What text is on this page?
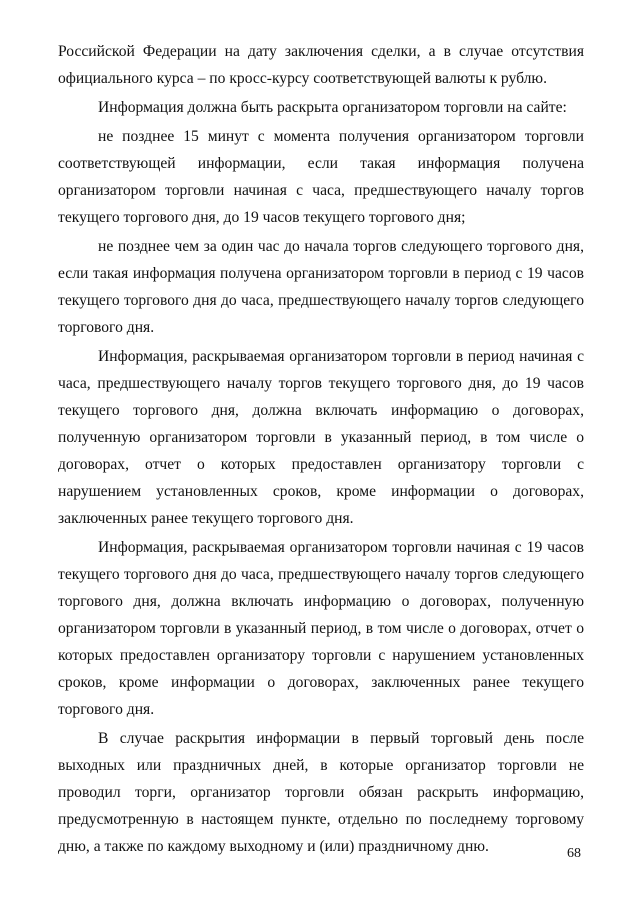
Российской Федерации на дату заключения сделки, а в случае отсутствия официального курса – по кросс-курсу соответствующей валюты к рублю.

Информация должна быть раскрыта организатором торговли на сайте:

не позднее 15 минут с момента получения организатором торговли соответствующей информации, если такая информация получена организатором торговли начиная с часа, предшествующего началу торгов текущего торгового дня, до 19 часов текущего торгового дня;

не позднее чем за один час до начала торгов следующего торгового дня, если такая информация получена организатором торговли в период с 19 часов текущего торгового дня до часа, предшествующего началу торгов следующего торгового дня.

Информация, раскрываемая организатором торговли в период начиная с часа, предшествующего началу торгов текущего торгового дня, до 19 часов текущего торгового дня, должна включать информацию о договорах, полученную организатором торговли в указанный период, в том числе о договорах, отчет о которых предоставлен организатору торговли с нарушением установленных сроков, кроме информации о договорах, заключенных ранее текущего торгового дня.

Информация, раскрываемая организатором торговли начиная с 19 часов текущего торгового дня до часа, предшествующего началу торгов следующего торгового дня, должна включать информацию о договорах, полученную организатором торговли в указанный период, в том числе о договорах, отчет о которых предоставлен организатору торговли с нарушением установленных сроков, кроме информации о договорах, заключенных ранее текущего торгового дня.

В случае раскрытия информации в первый торговый день после выходных или праздничных дней, в которые организатор торговли не проводил торги, организатор торговли обязан раскрыть информацию, предусмотренную в настоящем пункте, отдельно по последнему торговому дню, а также по каждому выходному и (или) праздничному дню.	68
